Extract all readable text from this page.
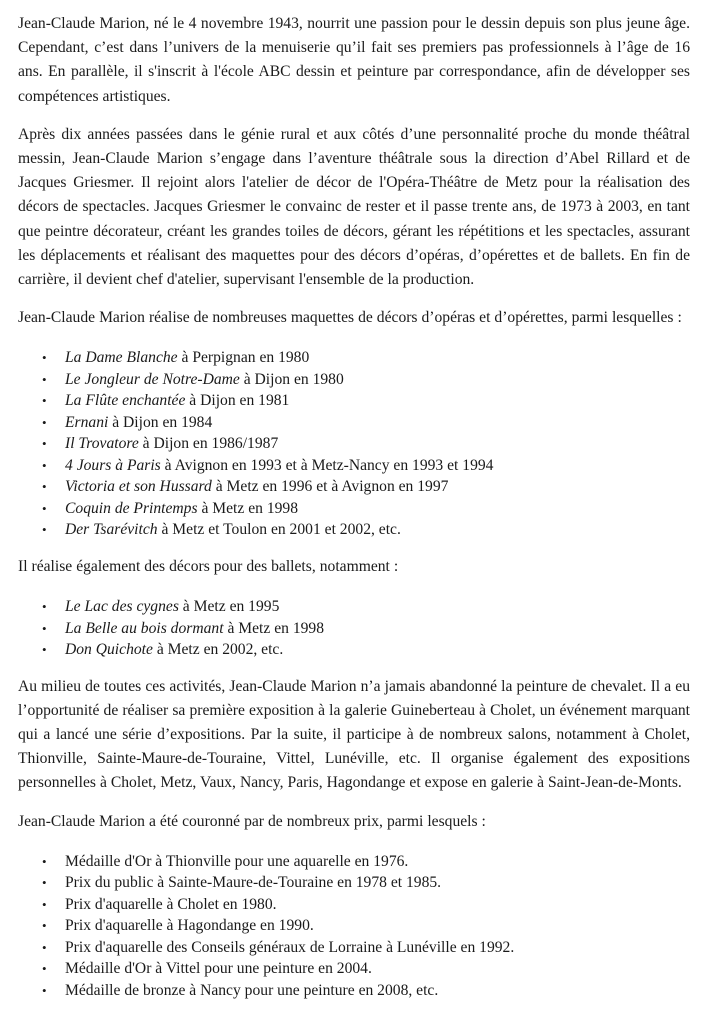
Jean-Claude Marion, né le 4 novembre 1943, nourrit une passion pour le dessin depuis son plus jeune âge. Cependant, c’est dans l’univers de la menuiserie qu’il fait ses premiers pas professionnels à l’âge de 16 ans. En parallèle, il s'inscrit à l'école ABC dessin et peinture par correspondance, afin de développer ses compétences artistiques.

Après dix années passées dans le génie rural et aux côtés d’une personnalité proche du monde théâtral messin, Jean-Claude Marion s’engage dans l’aventure théâtrale sous la direction d’Abel Rillard et de Jacques Griesmer. Il rejoint alors l'atelier de décor de l'Opéra-Théâtre de Metz pour la réalisation des décors de spectacles. Jacques Griesmer le convainc de rester et il passe trente ans, de 1973 à 2003, en tant que peintre décorateur, créant les grandes toiles de décors, gérant les répétitions et les spectacles, assurant les déplacements et réalisant des maquettes pour des décors d’opéras, d’opérettes et de ballets. En fin de carrière, il devient chef d'atelier, supervisant l'ensemble de la production.

Jean-Claude Marion réalise de nombreuses maquettes de décors d’opéras et d’opérettes, parmi lesquelles :

• La Dame Blanche à Perpignan en 1980
• Le Jongleur de Notre-Dame à Dijon en 1980
• La Flûte enchantée à Dijon en 1981
• Ernani à Dijon en 1984
• Il Trovatore à Dijon en 1986/1987
• 4 Jours à Paris à Avignon en 1993 et à Metz-Nancy en 1993 et 1994
• Victoria et son Hussard à Metz en 1996 et à Avignon en 1997
• Coquin de Printemps à Metz en 1998
• Der Tsarévitch à Metz et Toulon en 2001 et 2002, etc.

Il réalise également des décors pour des ballets, notamment :

• Le Lac des cygnes à Metz en 1995
• La Belle au bois dormant à Metz en 1998
• Don Quichote à Metz en 2002, etc.

Au milieu de toutes ces activités, Jean-Claude Marion n’a jamais abandonné la peinture de chevalet. Il a eu l’opportunité de réaliser sa première exposition à la galerie Guineberteau à Cholet, un événement marquant qui a lancé une série d’expositions. Par la suite, il participe à de nombreux salons, notamment à Cholet, Thionville, Sainte-Maure-de-Touraine, Vittel, Lunéville, etc. Il organise également des expositions personnelles à Cholet, Metz, Vaux, Nancy, Paris, Hagondange et expose en galerie à Saint-Jean-de-Monts.

Jean-Claude Marion a été couronné par de nombreux prix, parmi lesquels :

• Médaille d'Or à Thionville pour une aquarelle en 1976.
• Prix du public à Sainte-Maure-de-Touraine en 1978 et 1985.
• Prix d'aquarelle à Cholet en 1980.
• Prix d'aquarelle à Hagondange en 1990.
• Prix d'aquarelle des Conseils généraux de Lorraine à Lunéville en 1992.
• Médaille d'Or à Vittel pour une peinture en 2004.
• Médaille de bronze à Nancy pour une peinture en 2008, etc.
